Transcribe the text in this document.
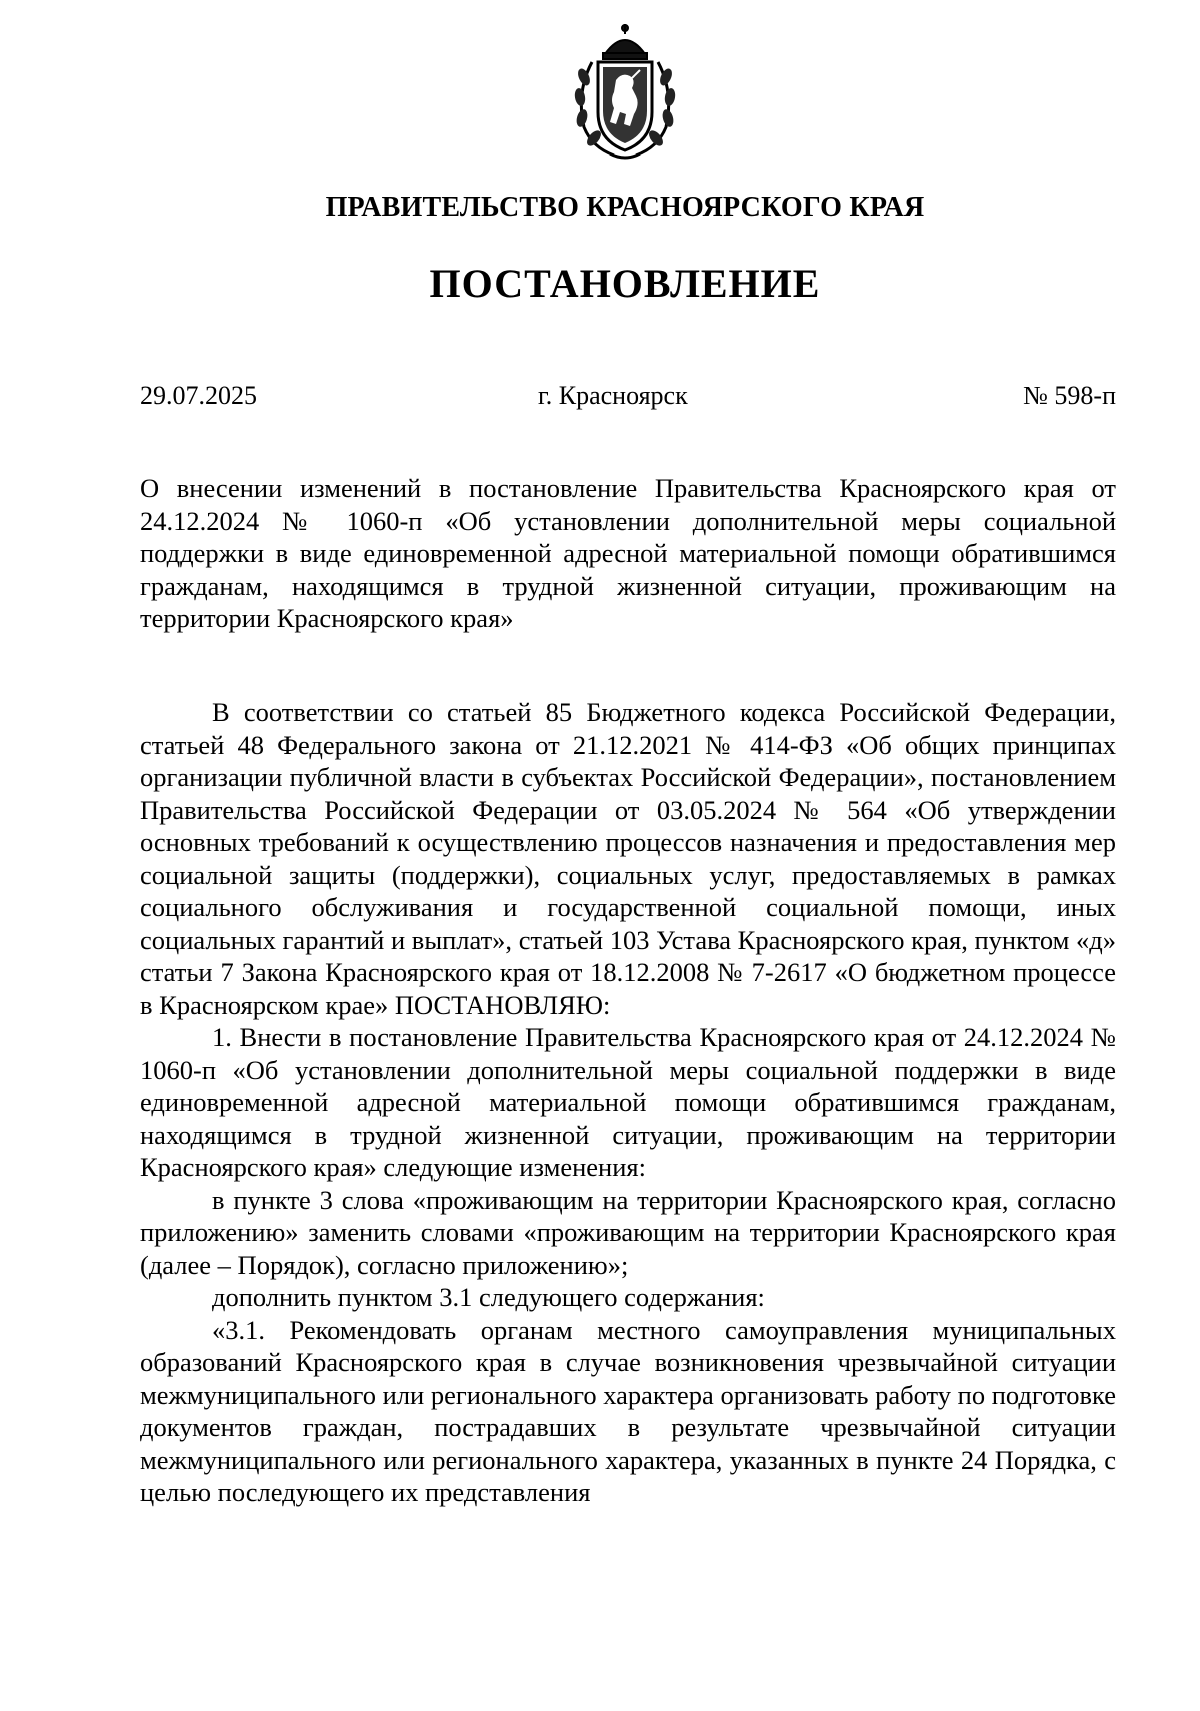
ПРАВИТЕЛЬСТВО КРАСНОЯРСКОГО КРАЯ
ПОСТАНОВЛЕНИЕ
29.07.2025	г. Красноярск	№ 598-п
О внесении изменений в постановление Правительства Красноярского края от 24.12.2024 № 1060-п «Об установлении дополнительной меры социальной поддержки в виде единовременной адресной материальной помощи обратившимся гражданам, находящимся в трудной жизненной ситуации, проживающим на территории Красноярского края»

В соответствии со статьей 85 Бюджетного кодекса Российской Федерации, статьей 48 Федерального закона от 21.12.2021 № 414-ФЗ «Об общих принципах организации публичной власти в субъектах Российской Федерации», постановлением Правительства Российской Федерации от 03.05.2024 № 564 «Об утверждении основных требований к осуществлению процессов назначения и предоставления мер социальной защиты (поддержки), социальных услуг, предоставляемых в рамках социального обслуживания и государственной социальной помощи, иных социальных гарантий и выплат», статьей 103 Устава Красноярского края, пунктом «д» статьи 7 Закона Красноярского края от 18.12.2008 № 7-2617 «О бюджетном процессе в Красноярском крае» ПОСТАНОВЛЯЮ:

1. Внести в постановление Правительства Красноярского края от 24.12.2024 № 1060-п «Об установлении дополнительной меры социальной поддержки в виде единовременной адресной материальной помощи обратившимся гражданам, находящимся в трудной жизненной ситуации, проживающим на территории Красноярского края» следующие изменения:

в пункте 3 слова «проживающим на территории Красноярского края, согласно приложению» заменить словами «проживающим на территории Красноярского края (далее – Порядок), согласно приложению»;

дополнить пунктом 3.1 следующего содержания:

«3.1. Рекомендовать органам местного самоуправления муниципальных образований Красноярского края в случае возникновения чрезвычайной ситуации межмуниципального или регионального характера организовать работу по подготовке документов граждан, пострадавших в результате чрезвычайной ситуации межмуниципального или регионального характера, указанных в пункте 24 Порядка, с целью последующего их представления
